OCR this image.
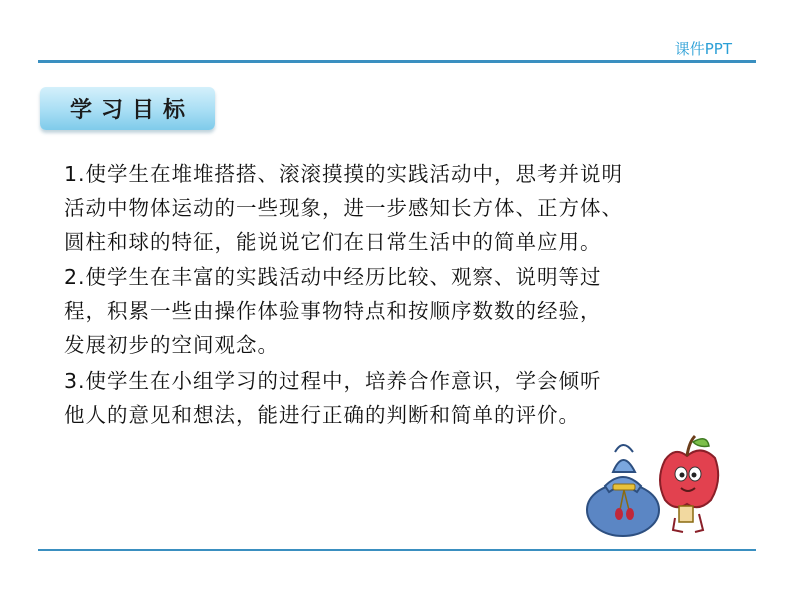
课件PPT
学习目标

1.使学生在堆堆搭搭、滚滚摸摸的实践活动中，思考并说明
活动中物体运动的一些现象，进一步感知长方体、正方体、
圆柱和球的特征，能说说它们在日常生活中的简单应用。

2.使学生在丰富的实践活动中经历比较、观察、说明等过
程，积累一些由操作体验事物特点和按顺序数数的经验，
发展初步的空间观念。

3.使学生在小组学习的过程中，培养合作意识，学会倾听
他人的意见和想法，能进行正确的判断和简单的评价。
